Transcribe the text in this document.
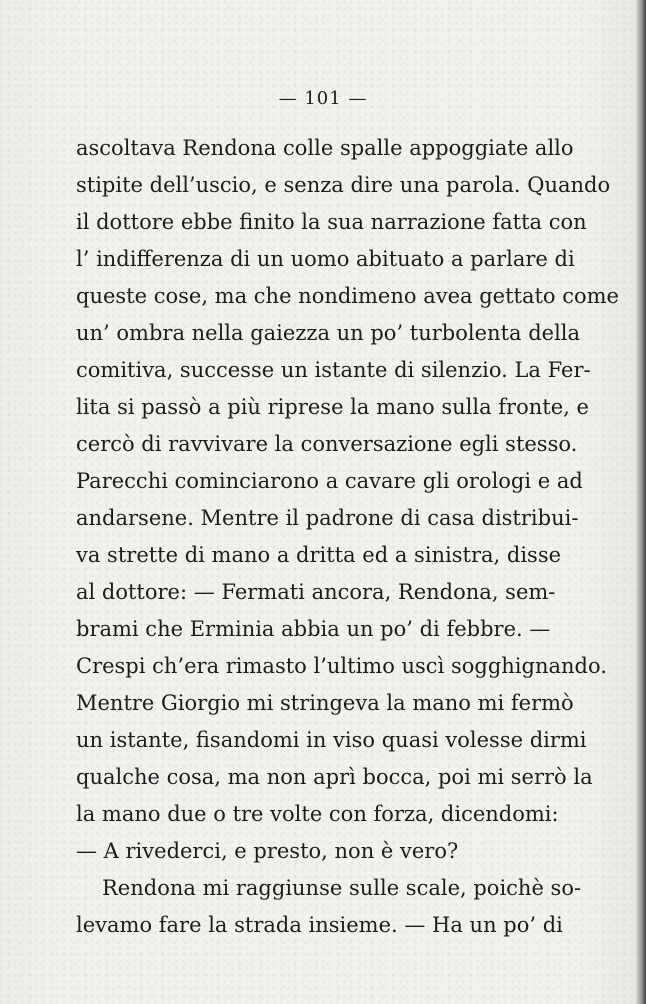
— 101 —
ascoltava Rendona colle spalle appoggiate allo
stipite dell’uscio, e senza dire una parola. Quando
il dottore ebbe finito la sua narrazione fatta con
l’ indifferenza di un uomo abituato a parlare di
queste cose, ma che nondimeno avea gettato come
un’ ombra nella gaiezza un po’ turbolenta della
comitiva, successe un istante di silenzio. La Fer-
lita si passò a più riprese la mano sulla fronte, e
cercò di ravvivare la conversazione egli stesso.
Parecchi cominciarono a cavare gli orologi e ad
andarsene. Mentre il padrone di casa distribui-
va strette di mano a dritta ed a sinistra, disse
al dottore: — Fermati ancora, Rendona, sem-
brami che Erminia abbia un po’ di febbre. —
Crespi ch’era rimasto l’ultimo uscì sogghignando.
Mentre Giorgio mi stringeva la mano mi fermò
un istante, fisandomi in viso quasi volesse dirmi
qualche cosa, ma non aprì bocca, poi mi serrò la
la mano due o tre volte con forza, dicendomi:
— A rivederci, e presto, non è vero?
Rendona mi raggiunse sulle scale, poichè so-
levamo fare la strada insieme. — Ha un po’ di
